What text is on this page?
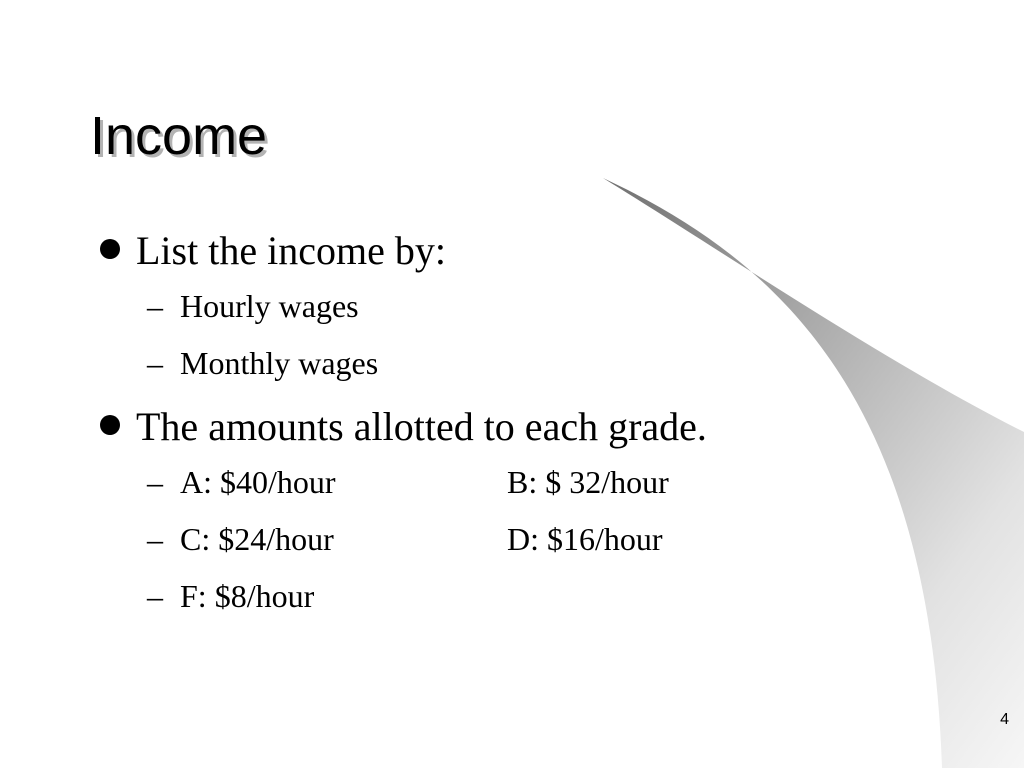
Income
List the income by:
– Hourly wages
– Monthly wages
The amounts allotted to each grade.
– A: $40/hour	B: $ 32/hour
– C: $24/hour	D: $16/hour
– F: $8/hour
4
